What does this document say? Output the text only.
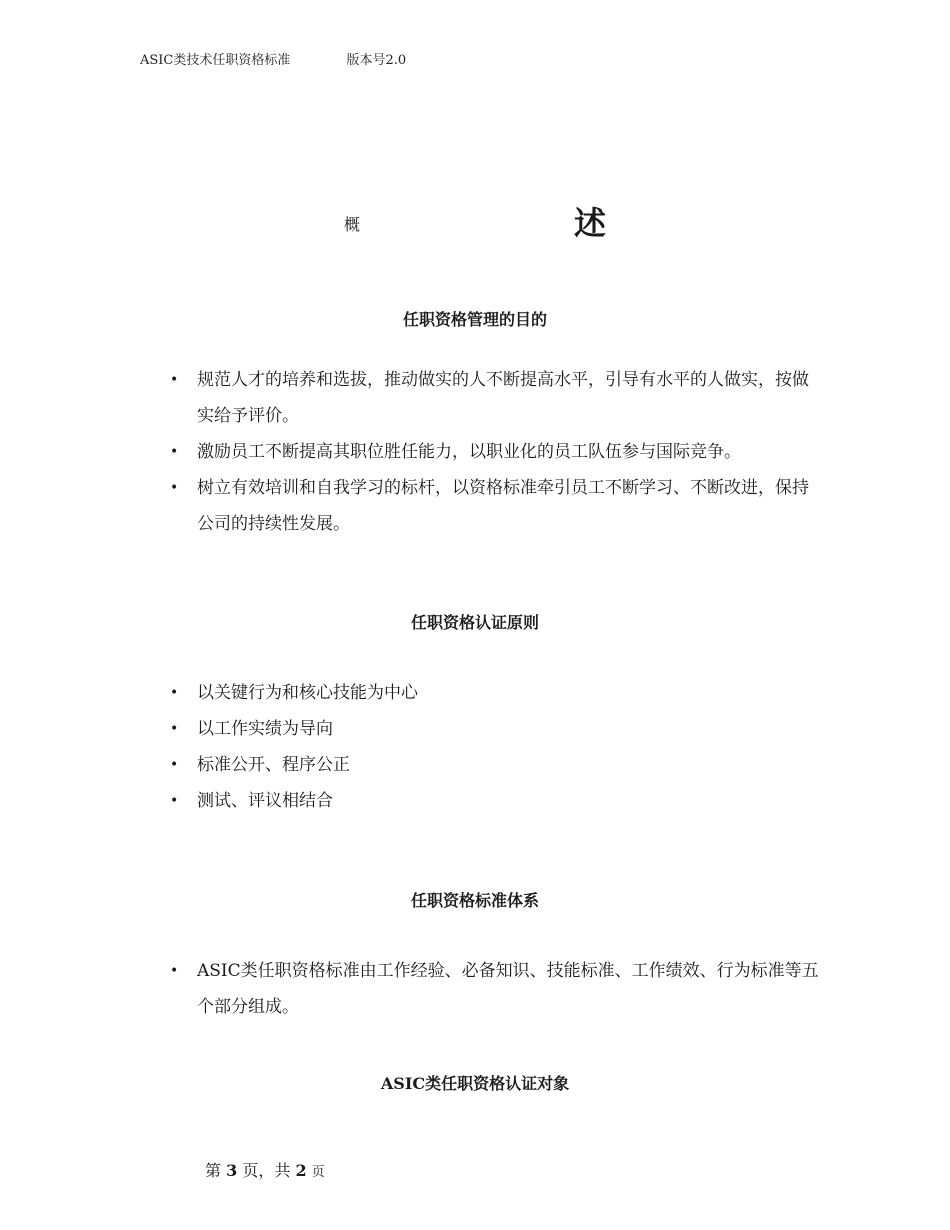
ASIC类技术任职资格标准	版本号2.0
概	述
任职资格管理的目的
• 规范人才的培养和选拔，推动做实的人不断提高水平，引导有水平的人做实，按做实给予评价。
• 激励员工不断提高其职位胜任能力，以职业化的员工队伍参与国际竞争。
• 树立有效培训和自我学习的标杆，以资格标准牵引员工不断学习、不断改进，保持公司的持续性发展。
任职资格认证原则
• 以关键行为和核心技能为中心
• 以工作实绩为导向
• 标准公开、程序公正
• 测试、评议相结合
任职资格标准体系
• ASIC类任职资格标准由工作经验、必备知识、技能标准、工作绩效、行为标准等五个部分组成。
ASIC类任职资格认证对象
第 3 页，共 2 页
